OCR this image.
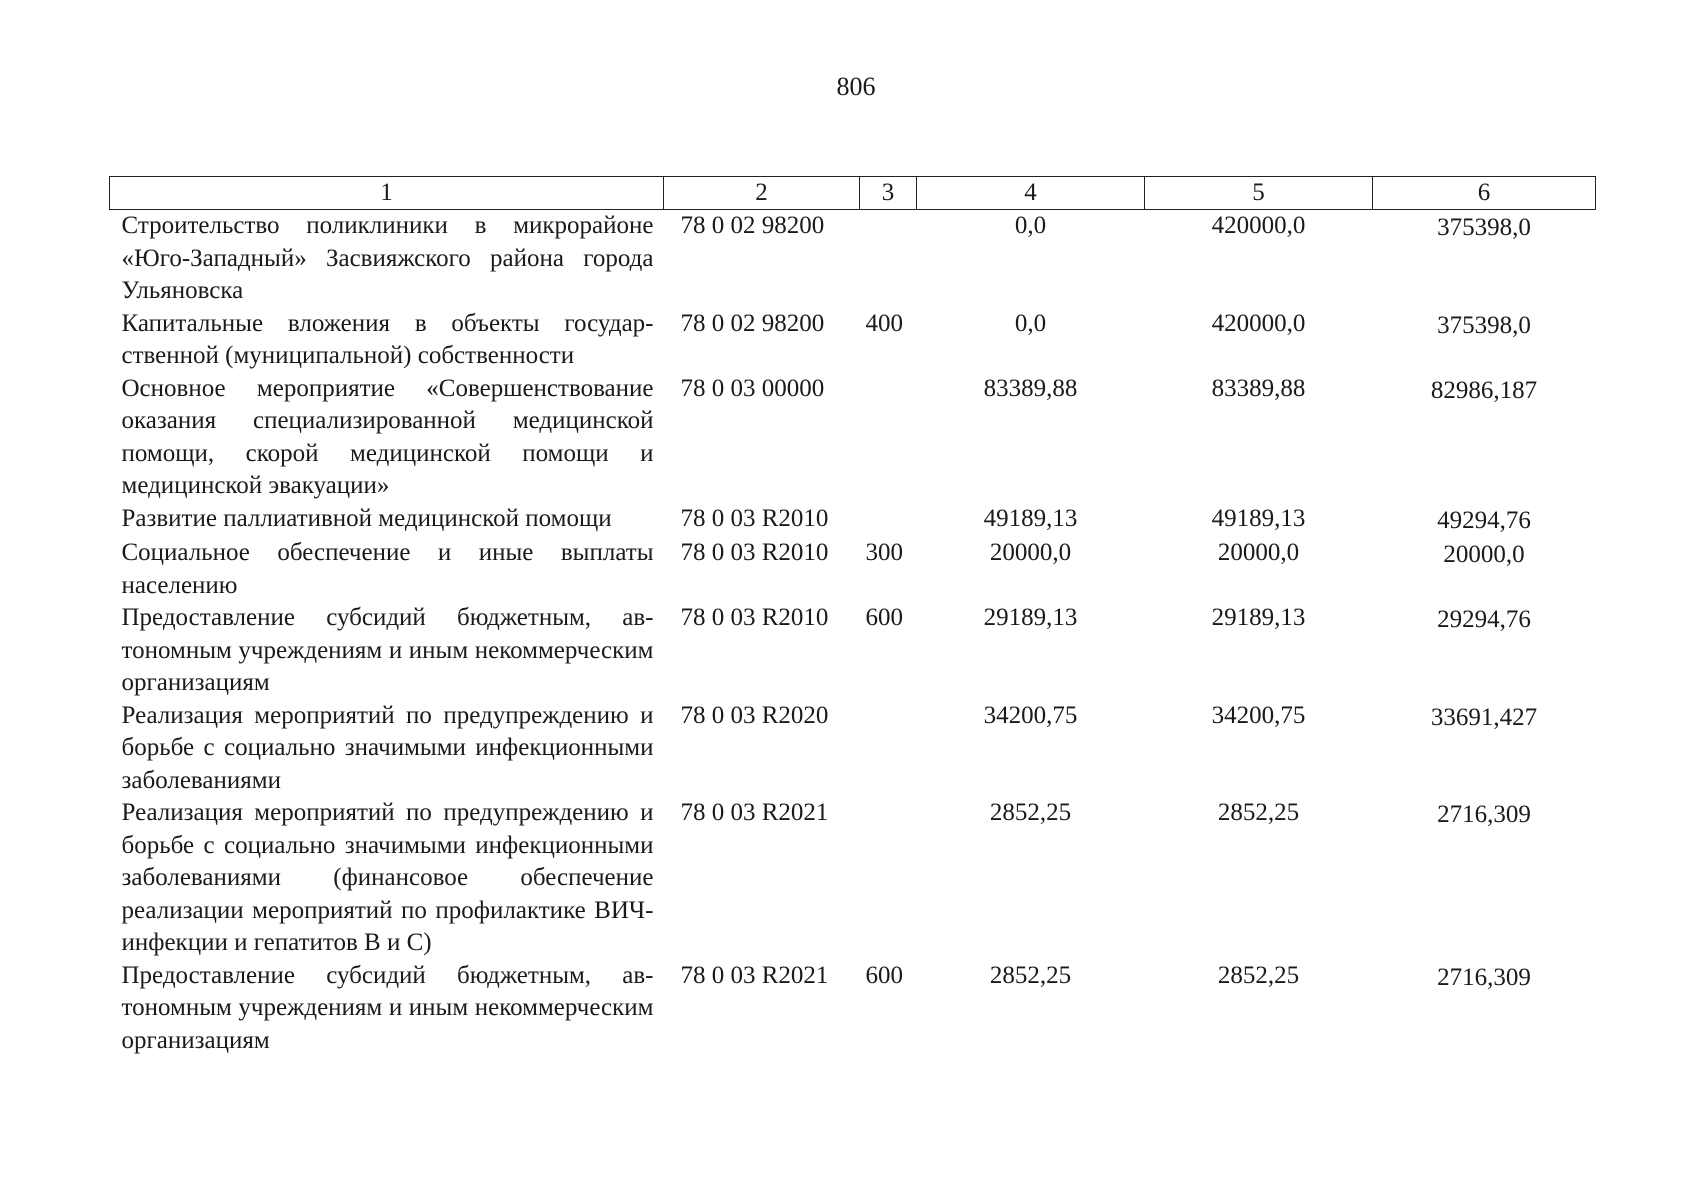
806
1	2	3	4	5	6
Строительство поликлиники в микрорайоне «Юго-Западный» Засвияжского района города Ульяновска	78 0 02 98200		0,0	420000,0	375398,0
Капитальные вложения в объекты государственной (муниципальной) собственности	78 0 02 98200	400	0,0	420000,0	375398,0
Основное мероприятие «Совершенствование оказания специализированной медицинской помощи, скорой медицинской помощи и медицинской эвакуации»	78 0 03 00000		83389,88	83389,88	82986,187
Развитие паллиативной медицинской помощи	78 0 03 R2010		49189,13	49189,13	49294,76
Социальное обеспечение и иные выплаты населению	78 0 03 R2010	300	20000,0	20000,0	20000,0
Предоставление субсидий бюджетным, автономным учреждениям и иным некоммерческим организациям	78 0 03 R2010	600	29189,13	29189,13	29294,76
Реализация мероприятий по предупреждению и борьбе с социально значимыми инфекционными заболеваниями	78 0 03 R2020		34200,75	34200,75	33691,427
Реализация мероприятий по предупреждению и борьбе с социально значимыми инфекционными заболеваниями (финансовое обеспечение реализации мероприятий по профилактике ВИЧ-инфекции и гепатитов В и С)	78 0 03 R2021		2852,25	2852,25	2716,309
Предоставление субсидий бюджетным, автономным учреждениям и иным некоммерческим организациям	78 0 03 R2021	600	2852,25	2852,25	2716,309
